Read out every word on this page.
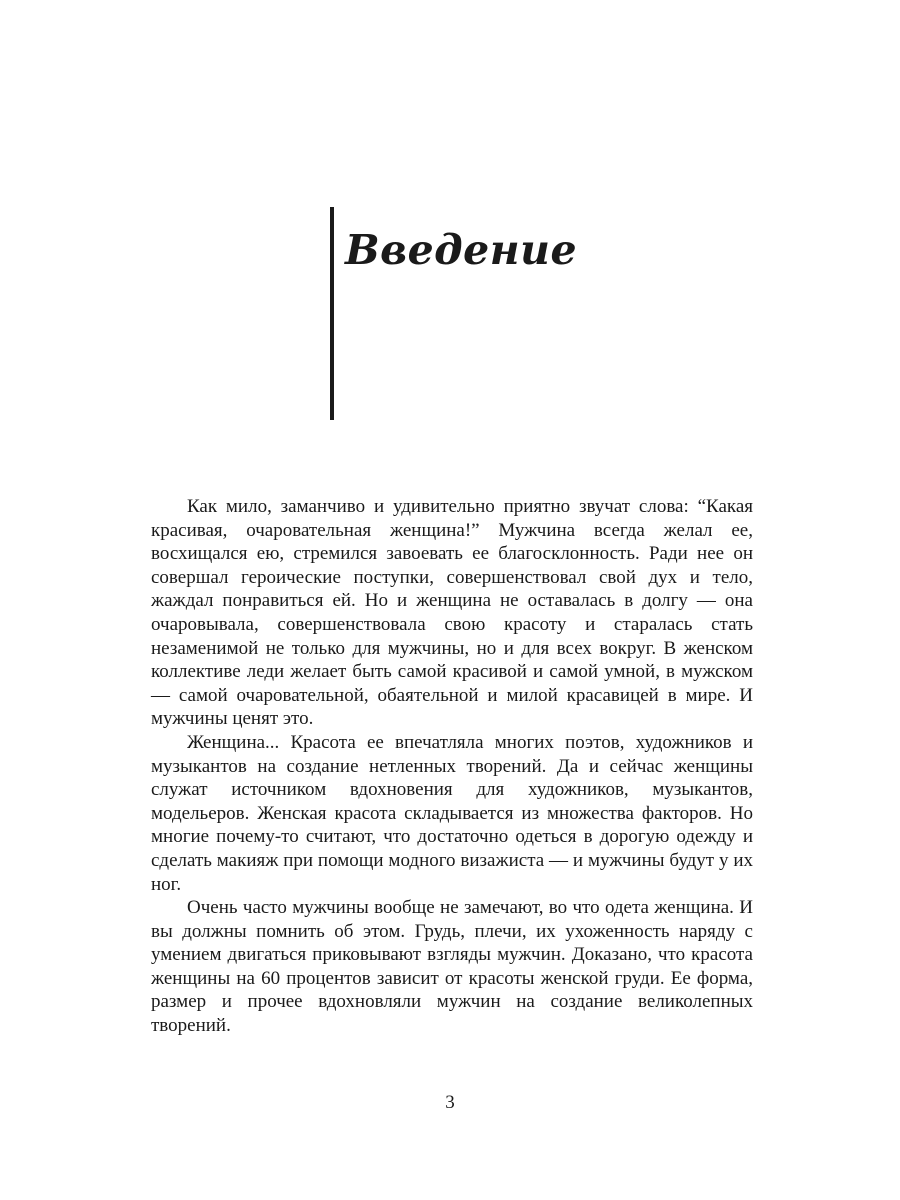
Введение

Как мило, заманчиво и удивительно приятно звучат слова: “Какая красивая, очаровательная женщина!” Мужчина всегда желал ее, восхищался ею, стремился завоевать ее благосклонность. Ради нее он совершал героические поступки, совершенствовал свой дух и тело, жаждал понравиться ей. Но и женщина не оставалась в долгу — она очаровывала, совершенствовала свою красоту и старалась стать незаменимой не только для мужчины, но и для всех вокруг. В женском коллективе леди желает быть самой красивой и самой умной, в мужском — самой очаровательной, обаятельной и милой красавицей в мире. И мужчины ценят это.

Женщина... Красота ее впечатляла многих поэтов, художников и музыкантов на создание нетленных творений. Да и сейчас женщины служат источником вдохновения для художников, музыкантов, модельеров. Женская красота складывается из множества факторов. Но многие почему-то считают, что достаточно одеться в дорогую одежду и сделать макияж при помощи модного визажиста — и мужчины будут у их ног.

Очень часто мужчины вообще не замечают, во что одета женщина. И вы должны помнить об этом. Грудь, плечи, их ухоженность наряду с умением двигаться приковывают взгляды мужчин. Доказано, что красота женщины на 60 процентов зависит от красоты женской груди. Ее форма, размер и прочее вдохновляли мужчин на создание великолепных творений.

3
